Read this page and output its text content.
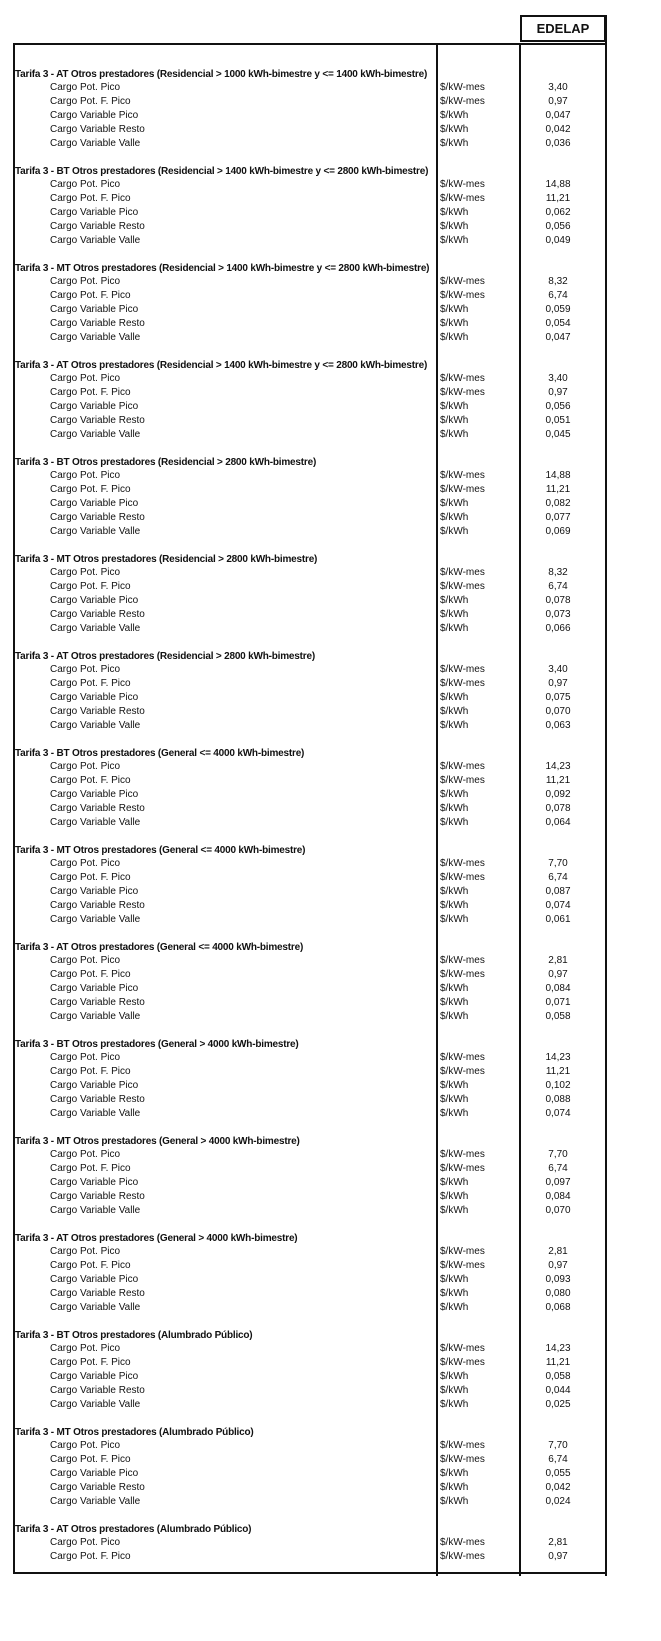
EDELAP
Tarifa 3 - AT Otros prestadores (Residencial > 1000 kWh-bimestre y <= 1400 kWh-bimestre)
Cargo Pot. Pico	$/kW-mes	3,40
Cargo Pot. F. Pico	$/kW-mes	0,97
Cargo Variable Pico	$/kWh	0,047
Cargo Variable Resto	$/kWh	0,042
Cargo Variable Valle	$/kWh	0,036
Tarifa 3 - BT Otros prestadores (Residencial > 1400 kWh-bimestre y <= 2800 kWh-bimestre)
Cargo Pot. Pico	$/kW-mes	14,88
Cargo Pot. F. Pico	$/kW-mes	11,21
Cargo Variable Pico	$/kWh	0,062
Cargo Variable Resto	$/kWh	0,056
Cargo Variable Valle	$/kWh	0,049
Tarifa 3 - MT Otros prestadores (Residencial > 1400 kWh-bimestre y <= 2800 kWh-bimestre)
Cargo Pot. Pico	$/kW-mes	8,32
Cargo Pot. F. Pico	$/kW-mes	6,74
Cargo Variable Pico	$/kWh	0,059
Cargo Variable Resto	$/kWh	0,054
Cargo Variable Valle	$/kWh	0,047
Tarifa 3 - AT Otros prestadores (Residencial > 1400 kWh-bimestre y <= 2800 kWh-bimestre)
Cargo Pot. Pico	$/kW-mes	3,40
Cargo Pot. F. Pico	$/kW-mes	0,97
Cargo Variable Pico	$/kWh	0,056
Cargo Variable Resto	$/kWh	0,051
Cargo Variable Valle	$/kWh	0,045
Tarifa 3 - BT Otros prestadores (Residencial > 2800 kWh-bimestre)
Cargo Pot. Pico	$/kW-mes	14,88
Cargo Pot. F. Pico	$/kW-mes	11,21
Cargo Variable Pico	$/kWh	0,082
Cargo Variable Resto	$/kWh	0,077
Cargo Variable Valle	$/kWh	0,069
Tarifa 3 - MT Otros prestadores (Residencial > 2800 kWh-bimestre)
Cargo Pot. Pico	$/kW-mes	8,32
Cargo Pot. F. Pico	$/kW-mes	6,74
Cargo Variable Pico	$/kWh	0,078
Cargo Variable Resto	$/kWh	0,073
Cargo Variable Valle	$/kWh	0,066
Tarifa 3 - AT Otros prestadores (Residencial > 2800 kWh-bimestre)
Cargo Pot. Pico	$/kW-mes	3,40
Cargo Pot. F. Pico	$/kW-mes	0,97
Cargo Variable Pico	$/kWh	0,075
Cargo Variable Resto	$/kWh	0,070
Cargo Variable Valle	$/kWh	0,063
Tarifa 3 - BT Otros prestadores (General <= 4000 kWh-bimestre)
Cargo Pot. Pico	$/kW-mes	14,23
Cargo Pot. F. Pico	$/kW-mes	11,21
Cargo Variable Pico	$/kWh	0,092
Cargo Variable Resto	$/kWh	0,078
Cargo Variable Valle	$/kWh	0,064
Tarifa 3 - MT Otros prestadores (General <= 4000 kWh-bimestre)
Cargo Pot. Pico	$/kW-mes	7,70
Cargo Pot. F. Pico	$/kW-mes	6,74
Cargo Variable Pico	$/kWh	0,087
Cargo Variable Resto	$/kWh	0,074
Cargo Variable Valle	$/kWh	0,061
Tarifa 3 - AT Otros prestadores (General <= 4000 kWh-bimestre)
Cargo Pot. Pico	$/kW-mes	2,81
Cargo Pot. F. Pico	$/kW-mes	0,97
Cargo Variable Pico	$/kWh	0,084
Cargo Variable Resto	$/kWh	0,071
Cargo Variable Valle	$/kWh	0,058
Tarifa 3 - BT Otros prestadores (General > 4000 kWh-bimestre)
Cargo Pot. Pico	$/kW-mes	14,23
Cargo Pot. F. Pico	$/kW-mes	11,21
Cargo Variable Pico	$/kWh	0,102
Cargo Variable Resto	$/kWh	0,088
Cargo Variable Valle	$/kWh	0,074
Tarifa 3 - MT Otros prestadores (General > 4000 kWh-bimestre)
Cargo Pot. Pico	$/kW-mes	7,70
Cargo Pot. F. Pico	$/kW-mes	6,74
Cargo Variable Pico	$/kWh	0,097
Cargo Variable Resto	$/kWh	0,084
Cargo Variable Valle	$/kWh	0,070
Tarifa 3 - AT Otros prestadores (General > 4000 kWh-bimestre)
Cargo Pot. Pico	$/kW-mes	2,81
Cargo Pot. F. Pico	$/kW-mes	0,97
Cargo Variable Pico	$/kWh	0,093
Cargo Variable Resto	$/kWh	0,080
Cargo Variable Valle	$/kWh	0,068
Tarifa 3 - BT Otros prestadores (Alumbrado Público)
Cargo Pot. Pico	$/kW-mes	14,23
Cargo Pot. F. Pico	$/kW-mes	11,21
Cargo Variable Pico	$/kWh	0,058
Cargo Variable Resto	$/kWh	0,044
Cargo Variable Valle	$/kWh	0,025
Tarifa 3 - MT Otros prestadores (Alumbrado Público)
Cargo Pot. Pico	$/kW-mes	7,70
Cargo Pot. F. Pico	$/kW-mes	6,74
Cargo Variable Pico	$/kWh	0,055
Cargo Variable Resto	$/kWh	0,042
Cargo Variable Valle	$/kWh	0,024
Tarifa 3 - AT Otros prestadores (Alumbrado Público)
Cargo Pot. Pico	$/kW-mes	2,81
Cargo Pot. F. Pico	$/kW-mes	0,97
